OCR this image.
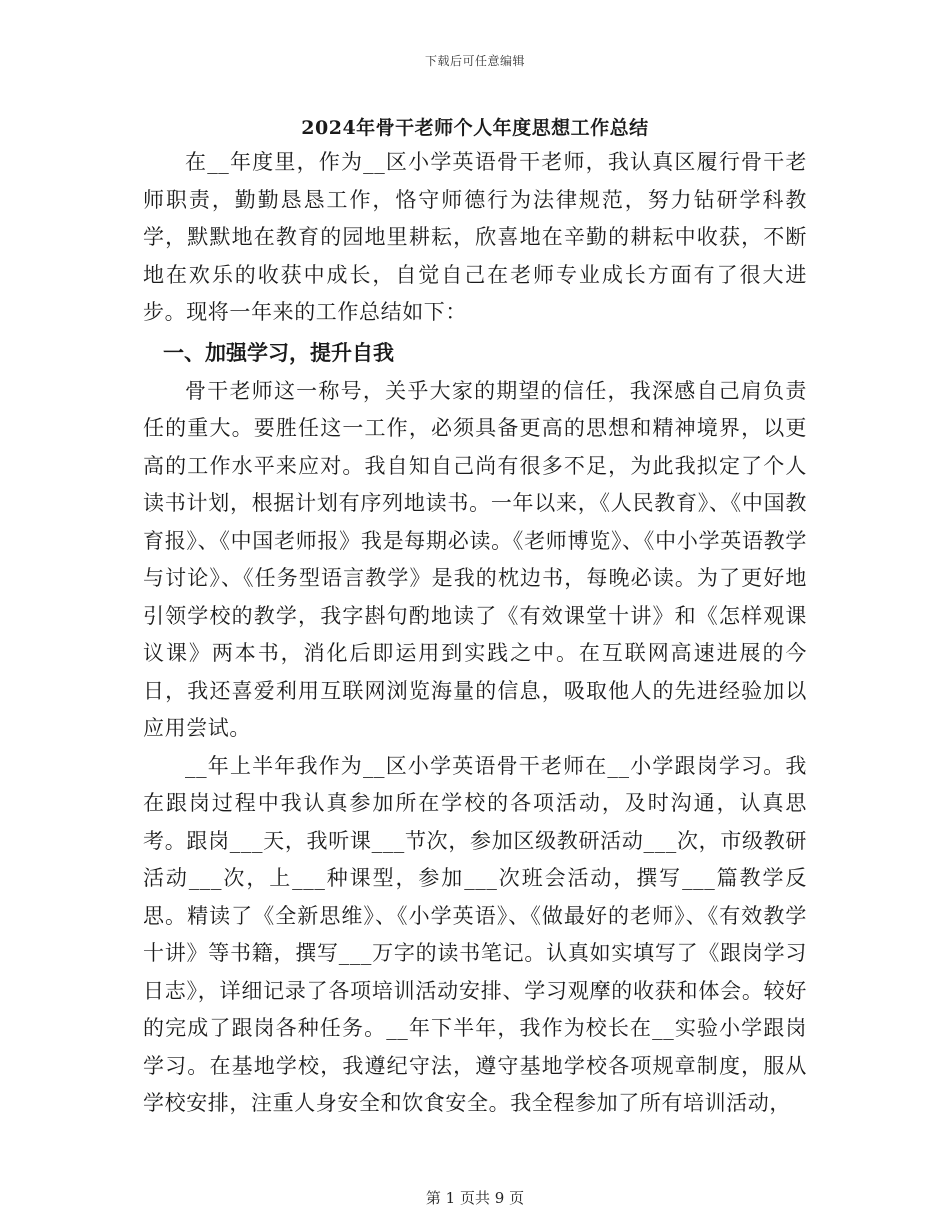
下载后可任意编辑
2024年骨干老师个人年度思想工作总结

在__年度里，作为__区小学英语骨干老师，我认真区履行骨干老师职责，勤勤恳恳工作，恪守师德行为法律规范，努力钻研学科教学，默默地在教育的园地里耕耘，欣喜地在辛勤的耕耘中收获，不断地在欢乐的收获中成长，自觉自己在老师专业成长方面有了很大进步。现将一年来的工作总结如下：

一、加强学习，提升自我

骨干老师这一称号，关乎大家的期望的信任，我深感自己肩负责任的重大。要胜任这一工作，必须具备更高的思想和精神境界，以更高的工作水平来应对。我自知自己尚有很多不足，为此我拟定了个人读书计划，根据计划有序列地读书。一年以来，《人民教育》、《中国教育报》、《中国老师报》我是每期必读。《老师博览》、《中小学英语教学与讨论》、《任务型语言教学》是我的枕边书，每晚必读。为了更好地引领学校的教学，我字斟句酌地读了《有效课堂十讲》和《怎样观课议课》两本书，消化后即运用到实践之中。在互联网高速进展的今日，我还喜爱利用互联网浏览海量的信息，吸取他人的先进经验加以应用尝试。

__年上半年我作为__区小学英语骨干老师在__小学跟岗学习。我在跟岗过程中我认真参加所在学校的各项活动，及时沟通，认真思考。跟岗___天，我听课___节次，参加区级教研活动___次，市级教研活动___次，上___种课型，参加___次班会活动，撰写___篇教学反思。精读了《全新思维》、《小学英语》、《做最好的老师》、《有效教学十讲》等书籍，撰写___万字的读书笔记。认真如实填写了《跟岗学习日志》，详细记录了各项培训活动安排、学习观摩的收获和体会。较好的完成了跟岗各种任务。__年下半年，我作为校长在__实验小学跟岗学习。在基地学校，我遵纪守法，遵守基地学校各项规章制度，服从学校安排，注重人身安全和饮食安全。我全程参加了所有培训活动，

第 1 页共 9 页
